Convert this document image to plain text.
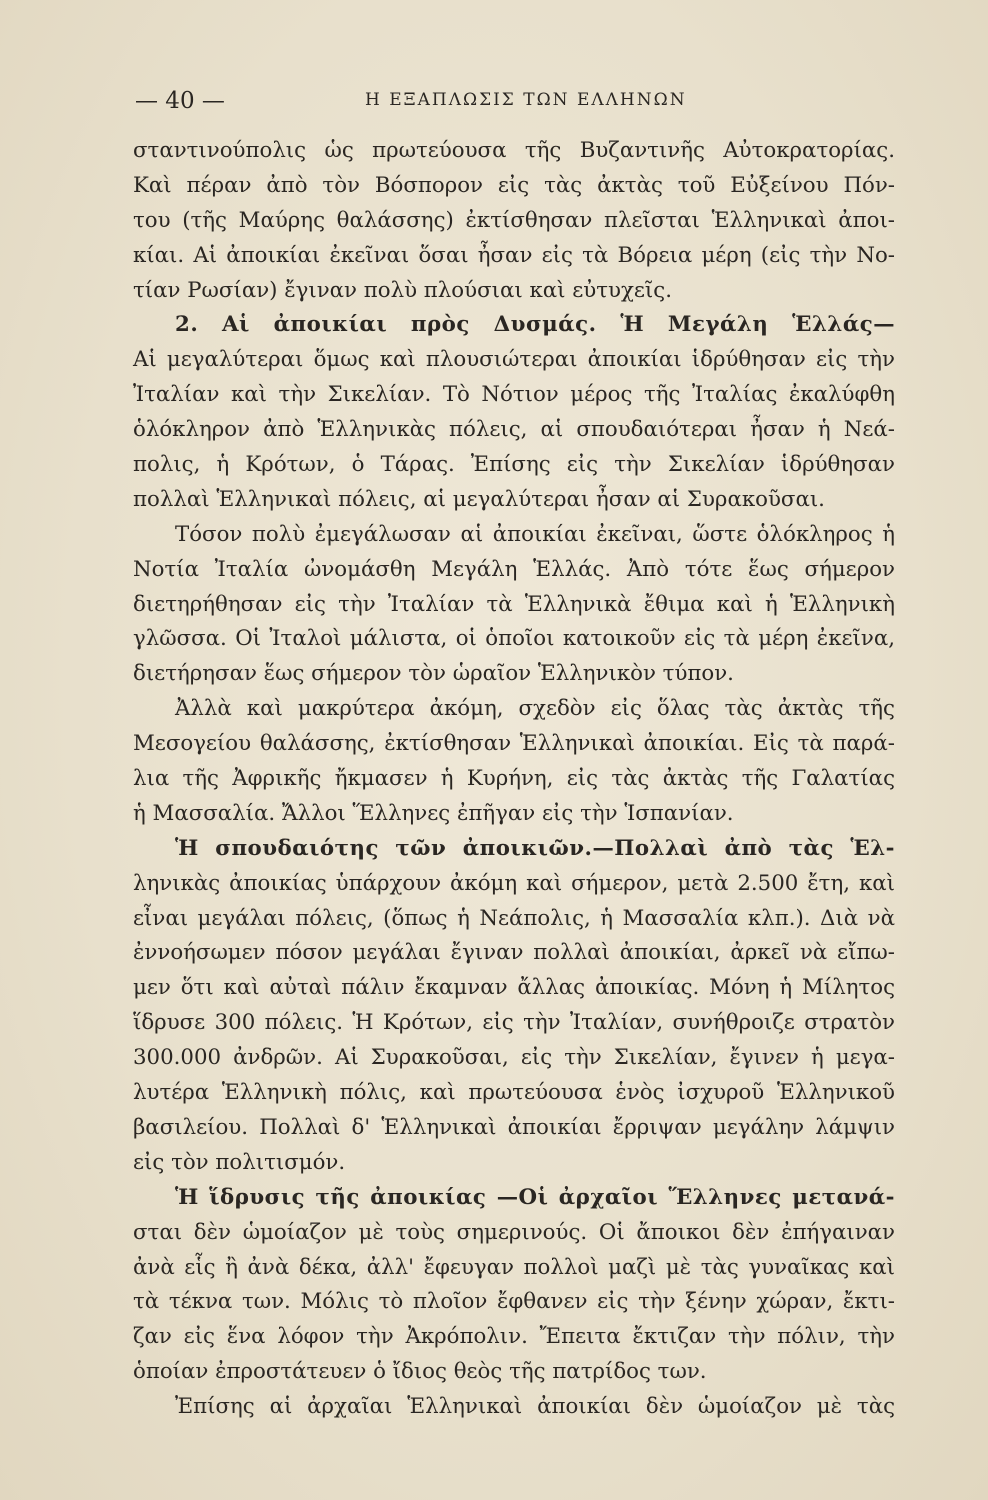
— 40 —	Η ΕΞΑΠΛΩΣΙΣ ΤΩΝ ΕΛΛΗΝΩΝ
σταντινούπολις ὡς πρωτεύουσα τῆς Βυζαντινῆς Αὐτοκρατορίας.
Καὶ πέραν ἀπὸ τὸν Βόσπορον εἰς τὰς ἀκτὰς τοῦ Εὐξείνου Πόν-
του (τῆς Μαύρης θαλάσσης) ἐκτίσθησαν πλεῖσται Ἑλληνικαὶ ἀποι-
κίαι. Αἱ ἀποικίαι ἐκεῖναι ὅσαι ἦσαν εἰς τὰ Βόρεια μέρη (εἰς τὴν Νο-
τίαν Ρωσίαν) ἔγιναν πολὺ πλούσιαι καὶ εὐτυχεῖς.
2. Αἱ ἀποικίαι πρὸς Δυσμάς. Ἡ Μεγάλη Ἑλλάς—
Αἱ μεγαλύτεραι ὅμως καὶ πλουσιώτεραι ἀποικίαι ἱδρύθησαν εἰς τὴν
Ἰταλίαν καὶ τὴν Σικελίαν. Τὸ Νότιον μέρος τῆς Ἰταλίας ἐκαλύφθη
ὁλόκληρον ἀπὸ Ἑλληνικὰς πόλεις, αἱ σπουδαιότεραι ἦσαν ἡ Νεά-
πολις, ἡ Κρότων, ὁ Τάρας. Ἐπίσης εἰς τὴν Σικελίαν ἱδρύθησαν
πολλαὶ Ἑλληνικαὶ πόλεις, αἱ μεγαλύτεραι ἦσαν αἱ Συρακοῦσαι.
Τόσον πολὺ ἐμεγάλωσαν αἱ ἀποικίαι ἐκεῖναι, ὥστε ὁλόκληρος ἡ
Νοτία Ἰταλία ὠνομάσθη Μεγάλη Ἑλλάς. Ἀπὸ τότε ἕως σήμερον
διετηρήθησαν εἰς τὴν Ἰταλίαν τὰ Ἑλληνικὰ ἔθιμα καὶ ἡ Ἑλληνικὴ
γλῶσσα. Οἱ Ἰταλοὶ μάλιστα, οἱ ὁποῖοι κατοικοῦν εἰς τὰ μέρη ἐκεῖνα,
διετήρησαν ἕως σήμερον τὸν ὡραῖον Ἑλληνικὸν τύπον.
Ἀλλὰ καὶ μακρύτερα ἀκόμη, σχεδὸν εἰς ὅλας τὰς ἀκτὰς τῆς
Μεσογείου θαλάσσης, ἐκτίσθησαν Ἑλληνικαὶ ἀποικίαι. Εἰς τὰ παρά-
λια τῆς Ἀφρικῆς ἤκμασεν ἡ Κυρήνη, εἰς τὰς ἀκτὰς τῆς Γαλατίας
ἡ Μασσαλία. Ἄλλοι Ἕλληνες ἐπῆγαν εἰς τὴν Ἱσπανίαν.
Ἡ σπουδαιότης τῶν ἀποικιῶν.—Πολλαὶ ἀπὸ τὰς Ἑλ-
ληνικὰς ἀποικίας ὑπάρχουν ἀκόμη καὶ σήμερον, μετὰ 2.500 ἔτη, καὶ
εἶναι μεγάλαι πόλεις, (ὅπως ἡ Νεάπολις, ἡ Μασσαλία κλπ.). Διὰ νὰ
ἐννοήσωμεν πόσον μεγάλαι ἔγιναν πολλαὶ ἀποικίαι, ἀρκεῖ νὰ εἴπω-
μεν ὅτι καὶ αὐταὶ πάλιν ἔκαμναν ἄλλας ἀποικίας. Μόνη ἡ Μίλητος
ἵδρυσε 300 πόλεις. Ἡ Κρότων, εἰς τὴν Ἰταλίαν, συνήθροιζε στρατὸν
300.000 ἀνδρῶν. Αἱ Συρακοῦσαι, εἰς τὴν Σικελίαν, ἔγινεν ἡ μεγα-
λυτέρα Ἑλληνικὴ πόλις, καὶ πρωτεύουσα ἑνὸς ἰσχυροῦ Ἑλληνικοῦ
βασιλείου. Πολλαὶ δ' Ἑλληνικαὶ ἀποικίαι ἔρριψαν μεγάλην λάμψιν
εἰς τὸν πολιτισμόν.
Ἡ ἵδρυσις τῆς ἀποικίας —Οἱ ἀρχαῖοι Ἕλληνες μετανά-
σται δὲν ὡμοίαζον μὲ τοὺς σημερινούς. Οἱ ἄποικοι δὲν ἐπήγαιναν
ἀνὰ εἷς ἢ ἀνὰ δέκα, ἀλλ' ἔφευγαν πολλοὶ μαζὶ μὲ τὰς γυναῖκας καὶ
τὰ τέκνα των. Μόλις τὸ πλοῖον ἔφθανεν εἰς τὴν ξένην χώραν, ἔκτι-
ζαν εἰς ἕνα λόφον τὴν Ἀκρόπολιν. Ἔπειτα ἔκτιζαν τὴν πόλιν, τὴν
ὁποίαν ἐπροστάτευεν ὁ ἴδιος θεὸς τῆς πατρίδος των.
Ἐπίσης αἱ ἀρχαῖαι Ἑλληνικαὶ ἀποικίαι δὲν ὡμοίαζον μὲ τὰς
